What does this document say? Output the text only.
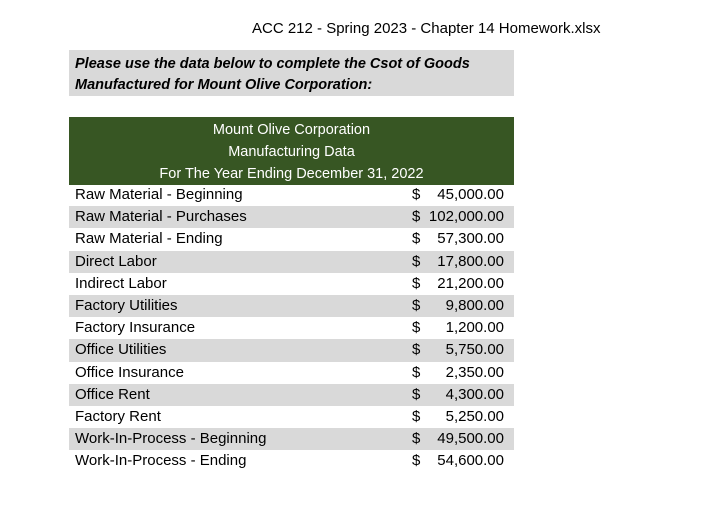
ACC 212 - Spring 2023 - Chapter 14 Homework.xlsx
Please use the data below to complete the Csot of Goods
Manufactured for Mount Olive Corporation:
Mount Olive Corporation
Manufacturing Data
For The Year Ending December 31, 2022
Raw Material - Beginning	$ 45,000.00
Raw Material - Purchases	$ 102,000.00
Raw Material - Ending	$ 57,300.00
Direct Labor	$ 17,800.00
Indirect Labor	$ 21,200.00
Factory Utilities	$ 9,800.00
Factory Insurance	$ 1,200.00
Office Utilities	$ 5,750.00
Office Insurance	$ 2,350.00
Office Rent	$ 4,300.00
Factory Rent	$ 5,250.00
Work-In-Process - Beginning	$ 49,500.00
Work-In-Process - Ending	$ 54,600.00
